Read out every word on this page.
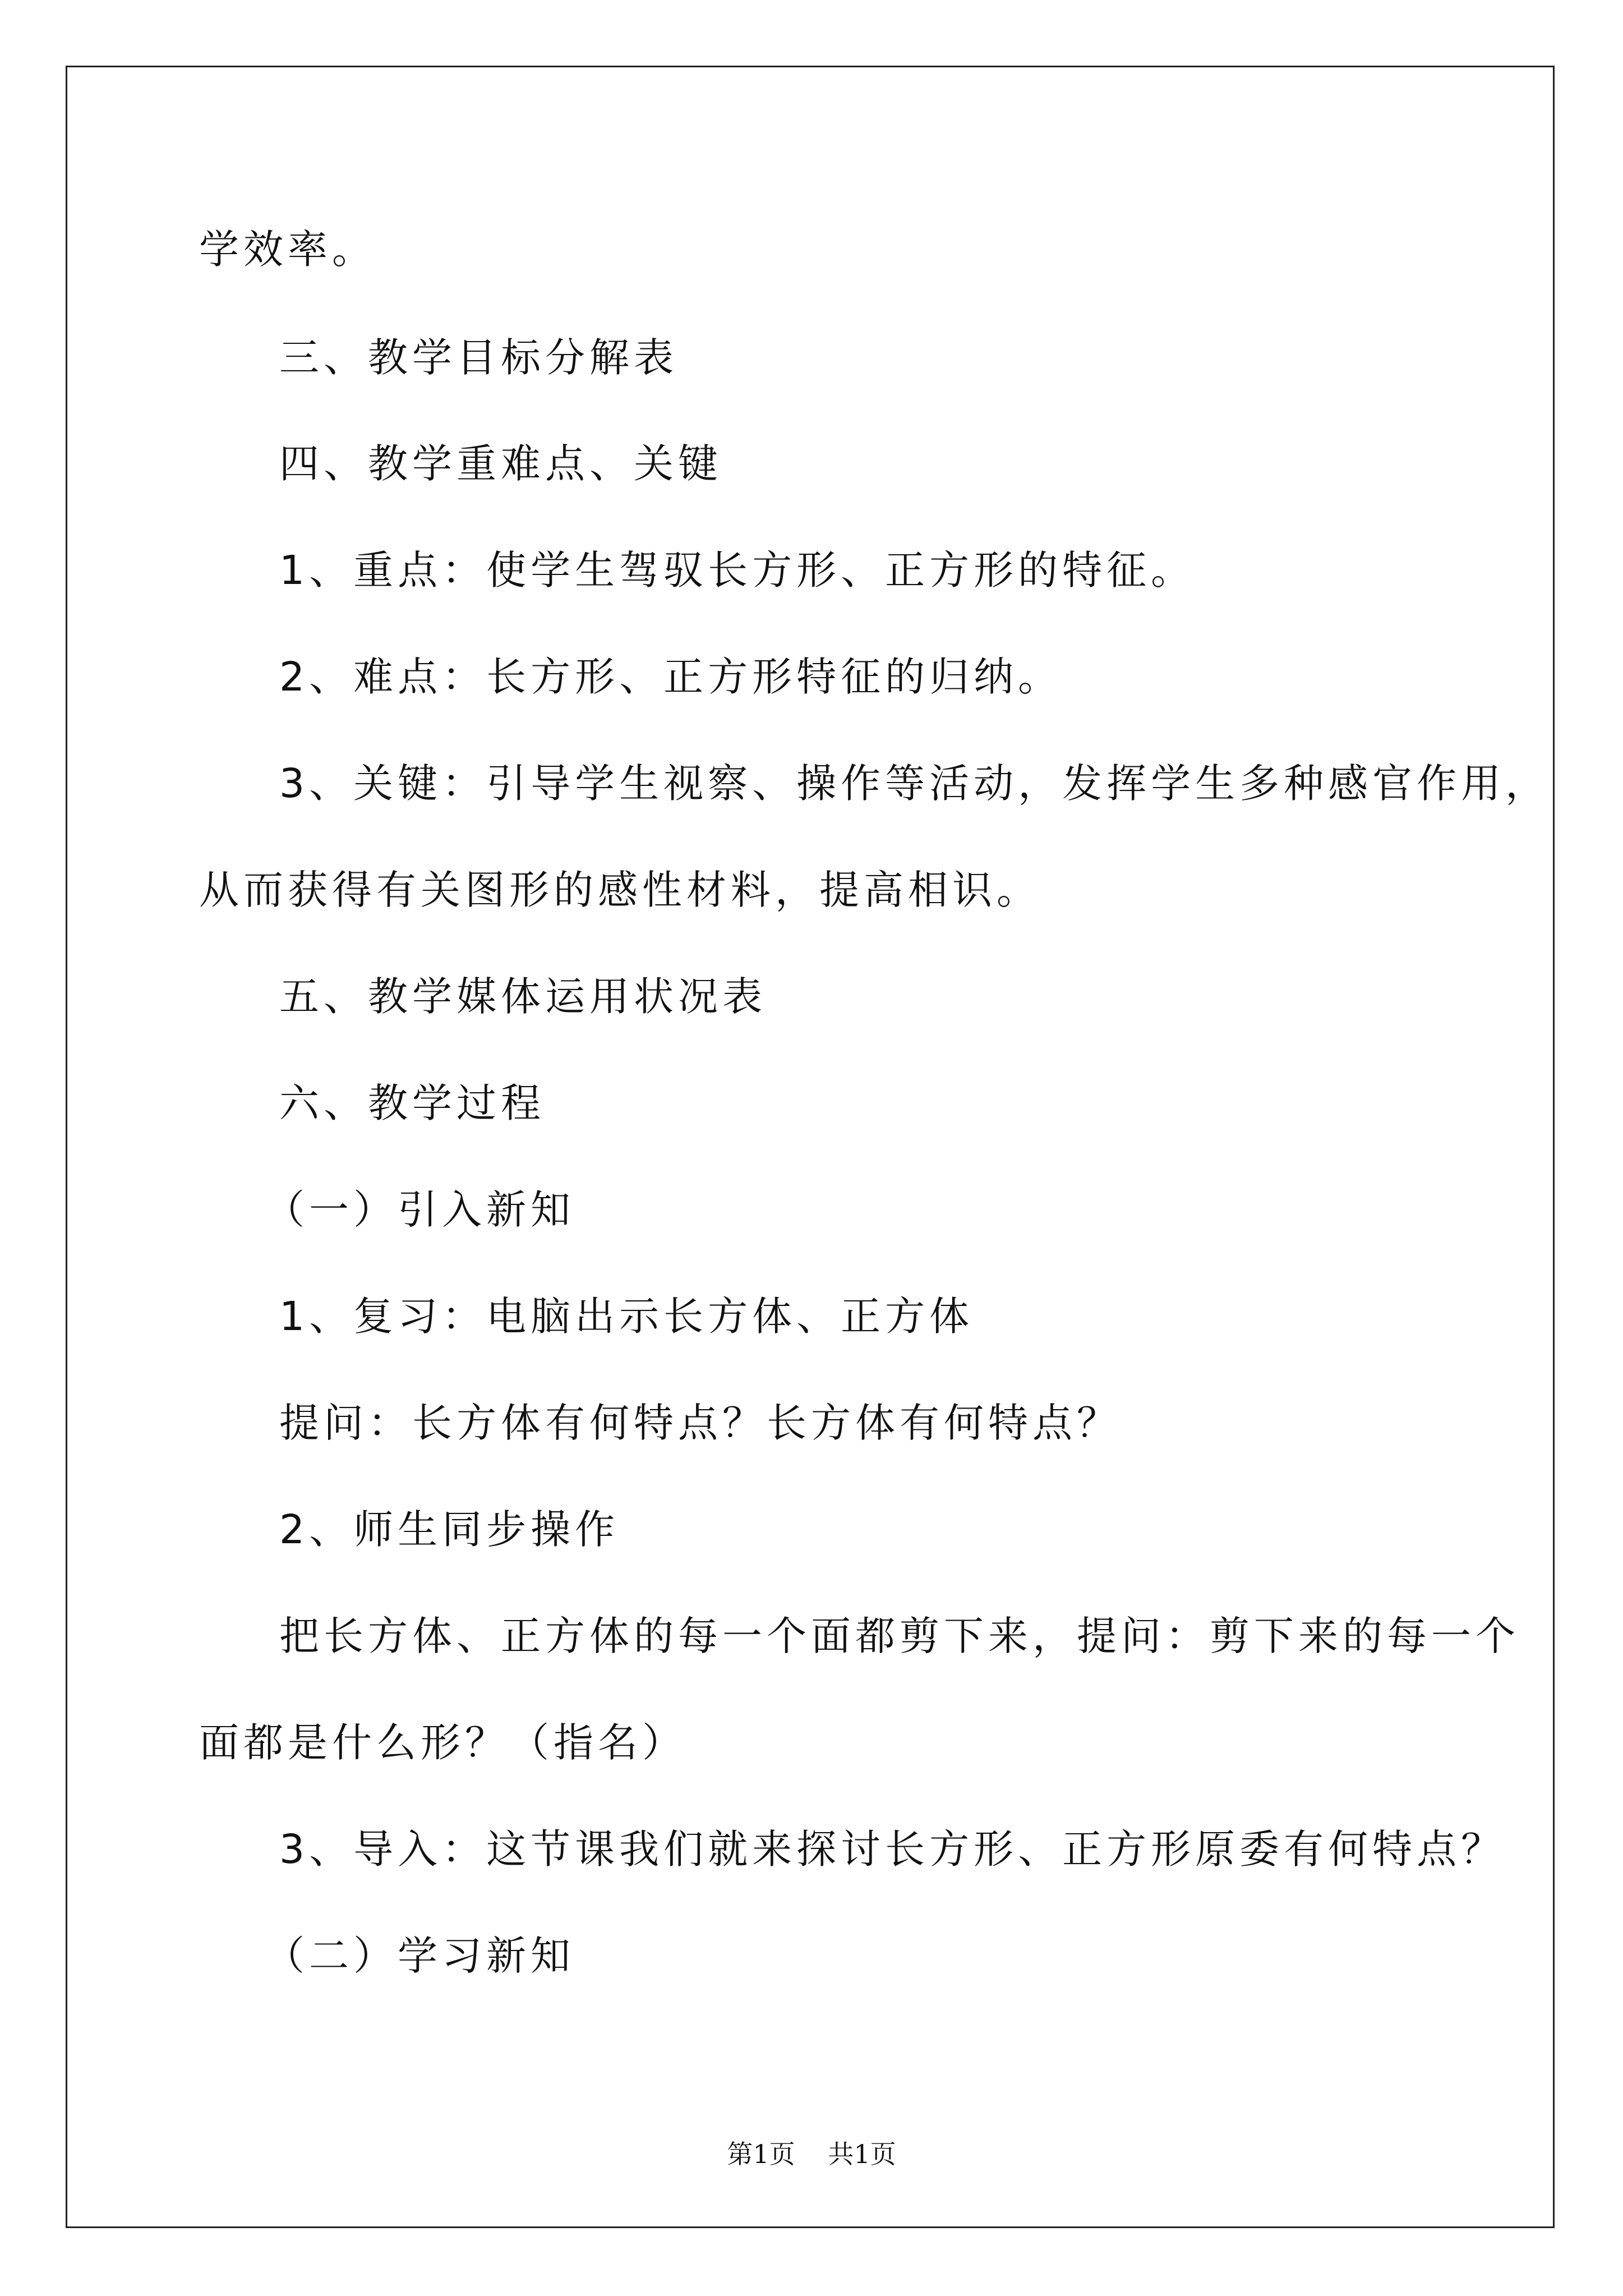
学效率。

三、教学目标分解表

四、教学重难点、关键

1、重点：使学生驾驭长方形、正方形的特征。

2、难点：长方形、正方形特征的归纳。

3、关键：引导学生视察、操作等活动，发挥学生多种感官作用，

从而获得有关图形的感性材料，提高相识。

五、教学媒体运用状况表

六、教学过程

（一）引入新知

1、复习：电脑出示长方体、正方体

提问：长方体有何特点？长方体有何特点？

2、师生同步操作

把长方体、正方体的每一个面都剪下来，提问：剪下来的每一个

面都是什么形？（指名）

3、导入：这节课我们就来探讨长方形、正方形原委有何特点？

（二）学习新知

第1页 共1页
